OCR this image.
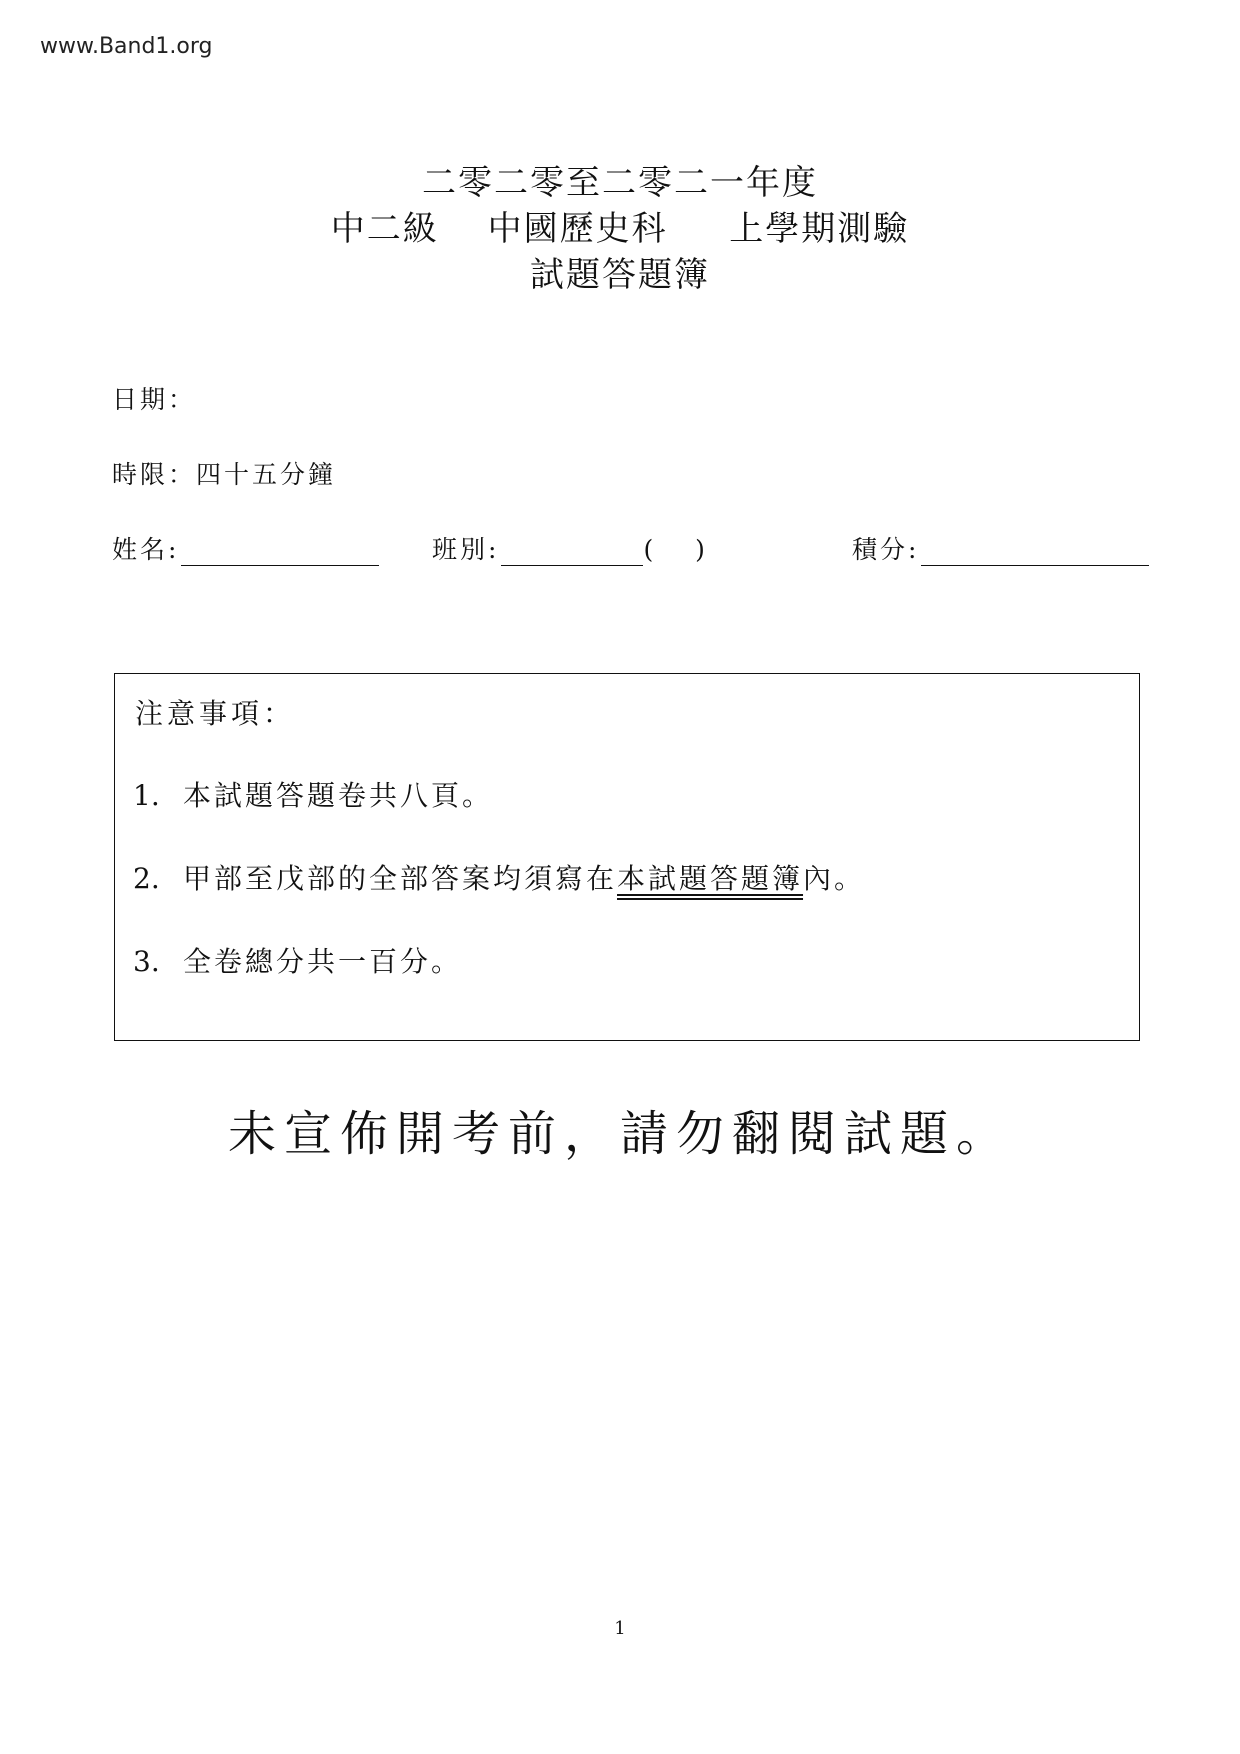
www.Band1.org
二零二零至二零二一年度
中二級　 中國歷史科 　 上學期測驗
試題答題簿
日期：
時限：四十五分鐘
姓名:	班別:	(　 )	積分:
注意事項：
1. 本試題答題卷共八頁。
2. 甲部至戊部的全部答案均須寫在本試題答題簿內。
3. 全卷總分共一百分。
未宣佈開考前，請勿翻閱試題。
1
